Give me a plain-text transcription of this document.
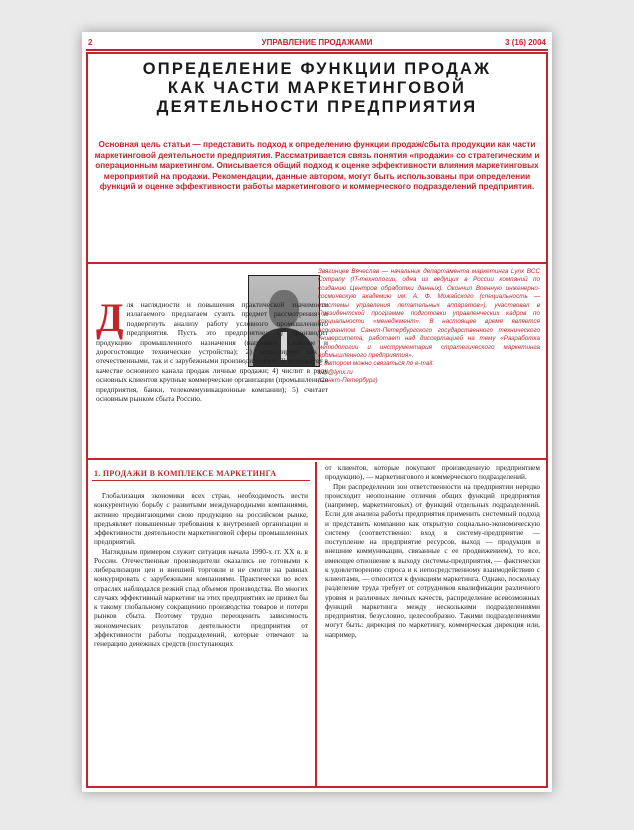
2	УПРАВЛЕНИЕ ПРОДАЖАМИ	3 (16) 2004
ОПРЕДЕЛЕНИЕ ФУНКЦИИ ПРОДАЖ
КАК ЧАСТИ МАРКЕТИНГОВОЙ
ДЕЯТЕЛЬНОСТИ ПРЕДПРИЯТИЯ
Основная цель статьи — представить подход к определению функции продаж/сбыта продукции как части маркетинговой деятельности предприятия. Рассматривается связь понятия «продажи» со стратегическим и операционным маркетингом. Описывается общий подход к оценке эффективности влияния маркетинговых мероприятий на продажи. Рекомендации, данные автором, могут быть использованы при определении функций и оценке эффективности работы маркетингового и коммерческого подразделений предприятия.

Звягинцев Вячеслав — начальник департамента маркетинга Lynx BCC Company (IT-технологии, одна из ведущих в России компаний по созданию Центров обработки данных). Окончил Военную инженерно-космическую академию им. А. Ф. Можайского (специальность — «системы управления летательных аппаратов»), участвовал в Президентской программе подготовки управленческих кадров по специальности «менеджмент». В настоящее время является аспирантом Санкт-Петербургского государственного технического университета, работает над диссертацией на тему «Разработка методологии и инструментария стратегического маркетинга промышленного предприятия».

С автором можно связаться по e-mail:

zvb@lynx.ru

(Санкт-Петербург)

Д ля наглядности и повышения практической значимости излагаемого предлагаем сузить предмет рассмотрения и подвергнуть анализу работу условного промышленного предприятия. Пусть это предприятие: 1) производит продукцию промышленного назначения (например, сложные и дорогостоящие технические устройства); 2) конкурирует как с отечественными, так и с зарубежными производителями; 3) использует в качестве основного канала продаж личные продажи; 4) числит в ряду основных клиентов крупные коммерческие организации (промышленные предприятия, банки, телекоммуникационные компании); 5) считает основным рынком сбыта Россию.

1. ПРОДАЖИ В КОМПЛЕКСЕ МАРКЕТИНГА

Глобализация экономики всех стран, необходимость вести конкурентную борьбу с развитыми международными компаниями, активно продвигающими свою продукцию на российском рынке, предъявляет повышенные требования к внутренней организации и эффективности деятельности маркетинговой сферы промышленных предприятий.

Наглядным примером служит ситуация начала 1990-х гг. XX в. в России. Отечественные производители оказались не готовыми к либерализации цен и внешней торговли и не смогли на равных конкурировать с зарубежными компаниями. Практически во всех отраслях наблюдался резкий спад объемов производства. Во многих случаях эффективный маркетинг на этих предприятиях не привел бы к такому глобальному сокращению производства товаров и потери рынков сбыта. Поэтому трудно переоценить зависимость экономических результатов деятельности предприятия от эффективности работы подразделений, которые отвечают за генерацию денежных средств (поступающих

от клиентов, которые покупают произведенную предприятием продукцию), — маркетингового и коммерческого подразделений.

При распределении зон ответственности на предприятии нередко происходит неопознание отличия общих функций предприятия (например, маркетинговых) от функций отдельных подразделений. Если для анализа работы предприятия применить системный подход и представить компанию как открытую социально-экономическую систему (соответственно: вход в систему-предприятие — поступление на предприятие ресурсов, выход — продукция и внешние коммуникации, связанные с ее продвижением), то все, имеющее отношение к выходу системы-предприятия, — фактически к удовлетворению спроса и к непосредственному взаимодействию с клиентами, — относится к функциям маркетинга. Однако, поскольку разделение труда требует от сотрудников квалификации различного уровня и различных личных качеств, распределение всевозможных функций маркетинга между несколькими подразделениями предприятия, безусловно, целесообразно. Такими подразделениями могут быть: дирекция по маркетингу, коммерческая дирекция или, например,
